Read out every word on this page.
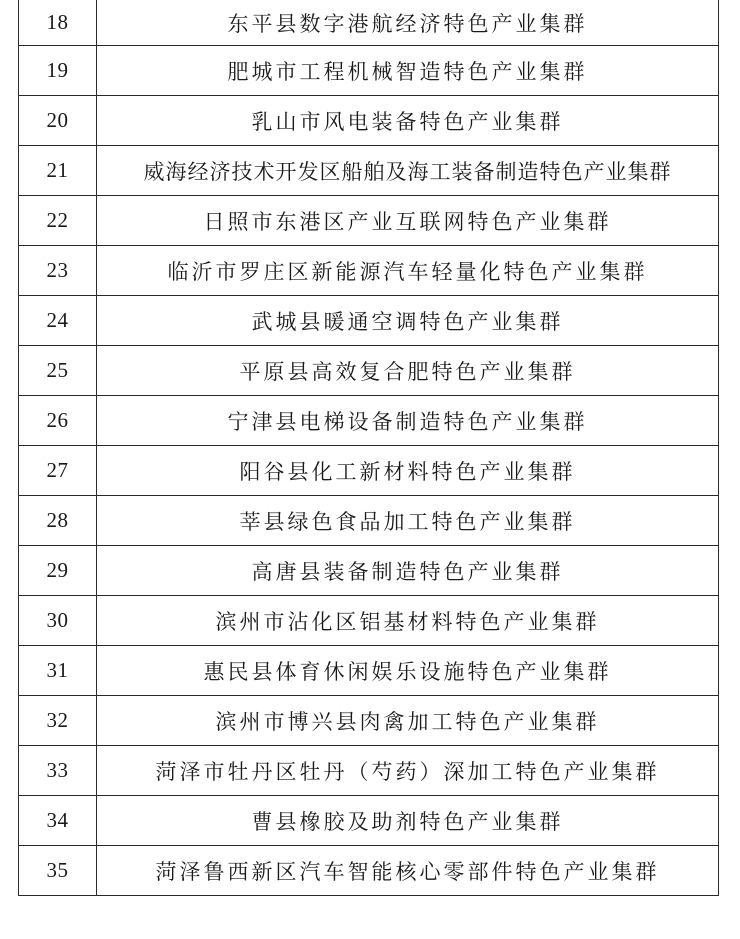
18	东平县数字港航经济特色产业集群
19	肥城市工程机械智造特色产业集群
20	乳山市风电装备特色产业集群
21	威海经济技术开发区船舶及海工装备制造特色产业集群
22	日照市东港区产业互联网特色产业集群
23	临沂市罗庄区新能源汽车轻量化特色产业集群
24	武城县暖通空调特色产业集群
25	平原县高效复合肥特色产业集群
26	宁津县电梯设备制造特色产业集群
27	阳谷县化工新材料特色产业集群
28	莘县绿色食品加工特色产业集群
29	高唐县装备制造特色产业集群
30	滨州市沾化区铝基材料特色产业集群
31	惠民县体育休闲娱乐设施特色产业集群
32	滨州市博兴县肉禽加工特色产业集群
33	菏泽市牡丹区牡丹（芍药）深加工特色产业集群
34	曹县橡胶及助剂特色产业集群
35	菏泽鲁西新区汽车智能核心零部件特色产业集群
